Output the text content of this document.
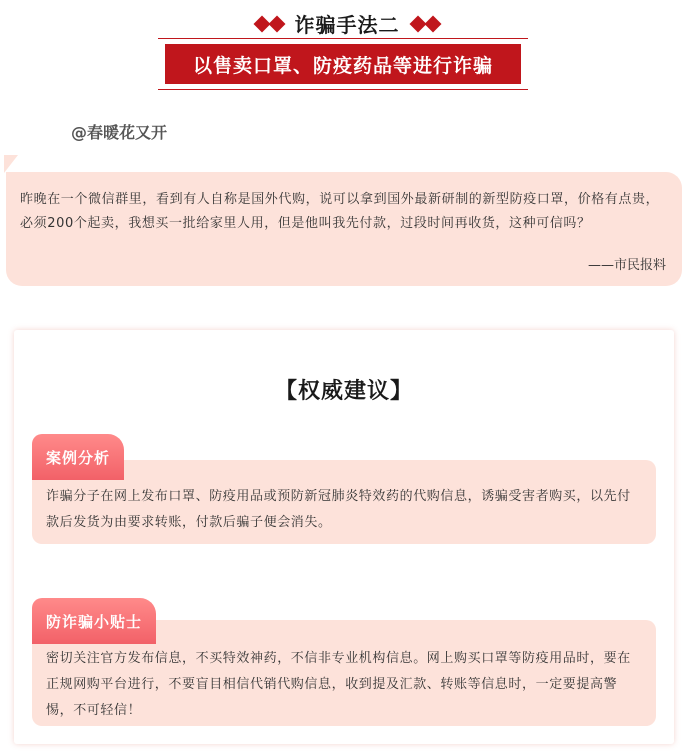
诈骗手法二
以售卖口罩、防疫药品等进行诈骗
@春暖花又开
昨晚在一个微信群里，看到有人自称是国外代购，说可以拿到国外最新研制的新型防疫口罩，价格有点贵，必须200个起卖，我想买一批给家里人用，但是他叫我先付款，过段时间再收货，这种可信吗？
——市民报料
【权威建议】
诈骗分子在网上发布口罩、防疫用品或预防新冠肺炎特效药的代购信息，诱骗受害者购买，以先付款后发货为由要求转账，付款后骗子便会消失。
案例分析
密切关注官方发布信息，不买特效神药，不信非专业机构信息。网上购买口罩等防疫用品时，要在正规网购平台进行，不要盲目相信代销代购信息，收到提及汇款、转账等信息时，一定要提高警惕，不可轻信！
防诈骗小贴士
